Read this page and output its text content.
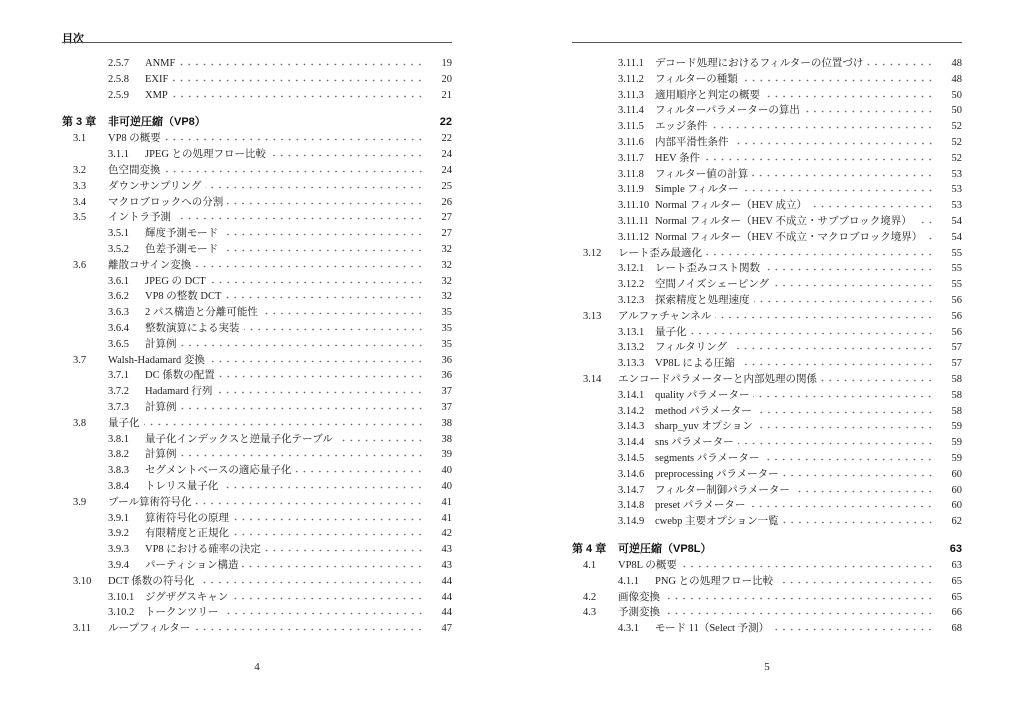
目次
2.5.7	ANMF	19
2.5.8	EXIF	20
2.5.9	XMP	21
第 3 章	非可逆圧縮（VP8）	22
3.1	VP8 の概要	22
3.1.1	JPEG との処理フロー比較	24
3.2	色空間変換	24
3.3	ダウンサンプリング	25
3.4	マクロブロックへの分割	26
3.5	イントラ予測	27
3.5.1	輝度予測モード	27
3.5.2	色差予測モード	32
3.6	離散コサイン変換	32
3.6.1	JPEG の DCT	32
3.6.2	VP8 の整数 DCT	32
3.6.3	2 パス構造と分離可能性	35
3.6.4	整数演算による実装	35
3.6.5	計算例	35
3.7	Walsh-Hadamard 変換	36
3.7.1	DC 係数の配置	36
3.7.2	Hadamard 行列	37
3.7.3	計算例	37
3.8	量子化	38
3.8.1	量子化インデックスと逆量子化テーブル	38
3.8.2	計算例	39
3.8.3	セグメントベースの適応量子化	40
3.8.4	トレリス量子化	40
3.9	ブール算術符号化	41
3.9.1	算術符号化の原理	41
3.9.2	有限精度と正規化	42
3.9.3	VP8 における確率の決定	43
3.9.4	パーティション構造	43
3.10	DCT 係数の符号化	44
3.10.1	ジグザグスキャン	44
3.10.2	トークンツリー	44
3.11	ループフィルター	47
4
3.11.1	デコード処理におけるフィルターの位置づけ	48
3.11.2	フィルターの種類	48
3.11.3	適用順序と判定の概要	50
3.11.4	フィルターパラメーターの算出	50
3.11.5	エッジ条件	52
3.11.6	内部平滑性条件	52
3.11.7	HEV 条件	52
3.11.8	フィルター値の計算	53
3.11.9	Simple フィルター	53
3.11.10 Normal フィルター（HEV 成立）	53
3.11.11 Normal フィルター（HEV 不成立・サブブロック境界）	54
3.11.12 Normal フィルター（HEV 不成立・マクロブロック境界）	54
3.12	レート歪み最適化	55
3.12.1	レート歪みコスト関数	55
3.12.2	空間ノイズシェーピング	55
3.12.3	探索精度と処理速度	56
3.13	アルファチャンネル	56
3.13.1	量子化	56
3.13.2	フィルタリング	57
3.13.3	VP8L による圧縮	57
3.14	エンコードパラメーターと内部処理の関係	58
3.14.1	quality パラメーター	58
3.14.2	method パラメーター	58
3.14.3	sharp_yuv オプション	59
3.14.4	sns パラメーター	59
3.14.5	segments パラメーター	59
3.14.6	preprocessing パラメーター	60
3.14.7	フィルター制御パラメーター	60
3.14.8	preset パラメーター	60
3.14.9	cwebp 主要オプション一覧	62
第 4 章	可逆圧縮（VP8L）	63
4.1	VP8L の概要	63
4.1.1	PNG との処理フロー比較	65
4.2	画像変換	65
4.3	予測変換	66
4.3.1	モード 11（Select 予測）	68
5
